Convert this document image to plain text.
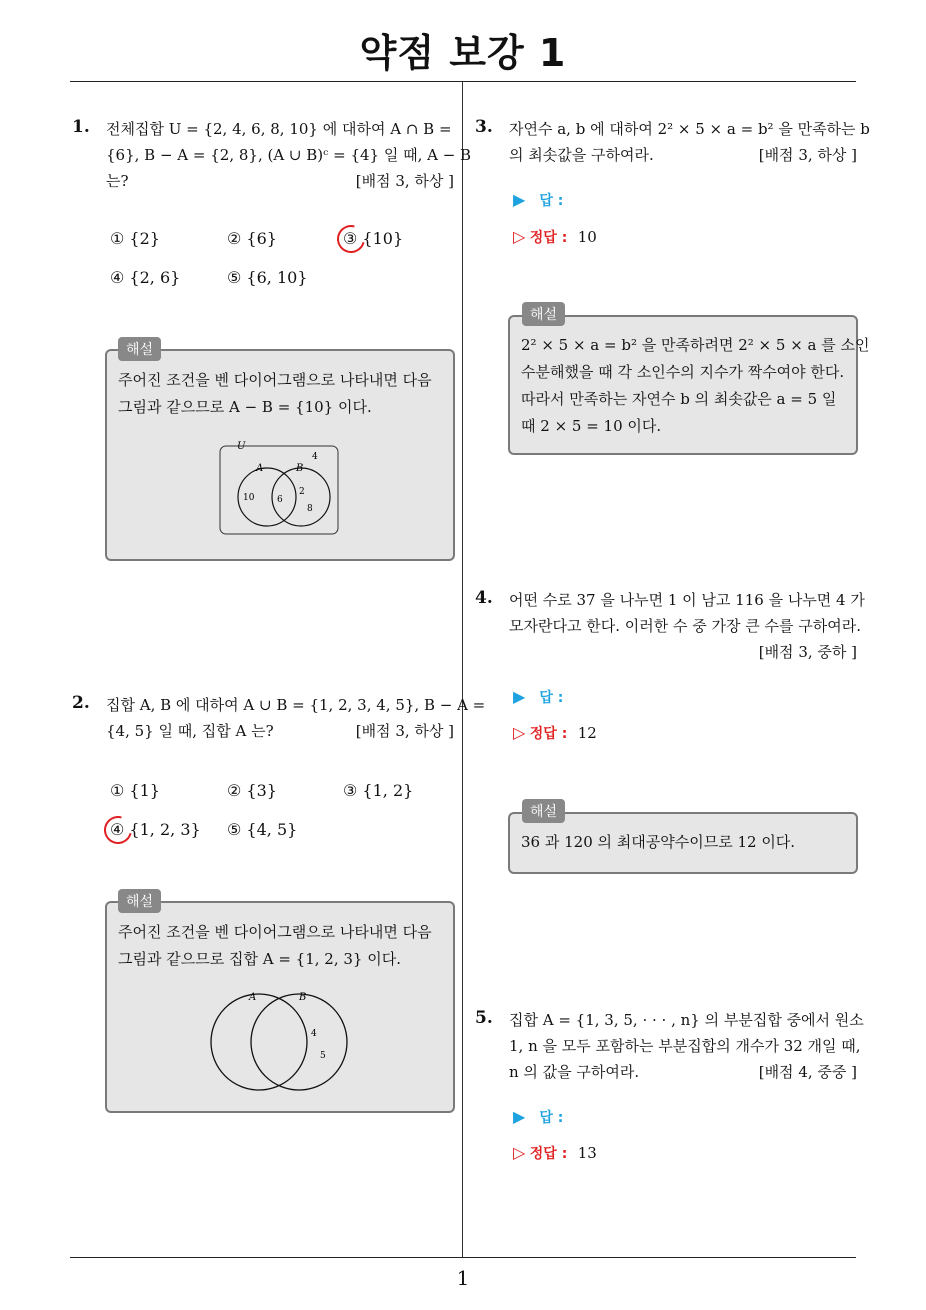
약점 보강 1
1. 전체집합 U = {2, 4, 6, 8, 10} 에 대하여 A ∩ B =
{6}, B − A = {2, 8}, (A ∪ B)ᶜ = {4} 일 때, A − B
는?	[배점 3, 하상 ]
① {2}	② {6}	③ {10}
④ {2, 6}	⑤ {6, 10}
해설
주어진 조건을 벤 다이어그램으로 나타내면 다음
그림과 같으므로 A − B = {10} 이다.
U
A	B
4
10	6
2
8
2. 집합 A, B 에 대하여 A ∪ B = {1, 2, 3, 4, 5}, B − A =
{4, 5} 일 때, 집합 A 는?	[배점 3, 하상 ]
① {1}	② {3}	③ {1, 2}
④ {1, 2, 3} ⑤ {4, 5}
해설
주어진 조건을 벤 다이어그램으로 나타내면 다음
그림과 같으므로 집합 A = {1, 2, 3} 이다.
A	B
4
5
3. 자연수 a, b 에 대하여 2² × 5 × a = b² 을 만족하는 b
의 최솟값을 구하여라.	[배점 3, 하상 ]
▶ 답 :
▷ 정답 : 10
해설
2² × 5 × a = b² 을 만족하려면 2² × 5 × a 를 소인
수분해했을 때 각 소인수의 지수가 짝수여야 한다.
따라서 만족하는 자연수 b 의 최솟값은 a = 5 일
때 2 × 5 = 10 이다.
4. 어떤 수로 37 을 나누면 1 이 남고 116 을 나누면 4 가
모자란다고 한다. 이러한 수 중 가장 큰 수를 구하여라.
[배점 3, 중하 ]
▶ 답 :
▷ 정답 : 12
해설
36 과 120 의 최대공약수이므로 12 이다.
5. 집합 A = {1, 3, 5, · · · , n} 의 부분집합 중에서 원소
1, n 을 모두 포함하는 부분집합의 개수가 32 개일 때,
n 의 값을 구하여라.	[배점 4, 중중 ]
▶ 답 :
▷ 정답 : 13
1
